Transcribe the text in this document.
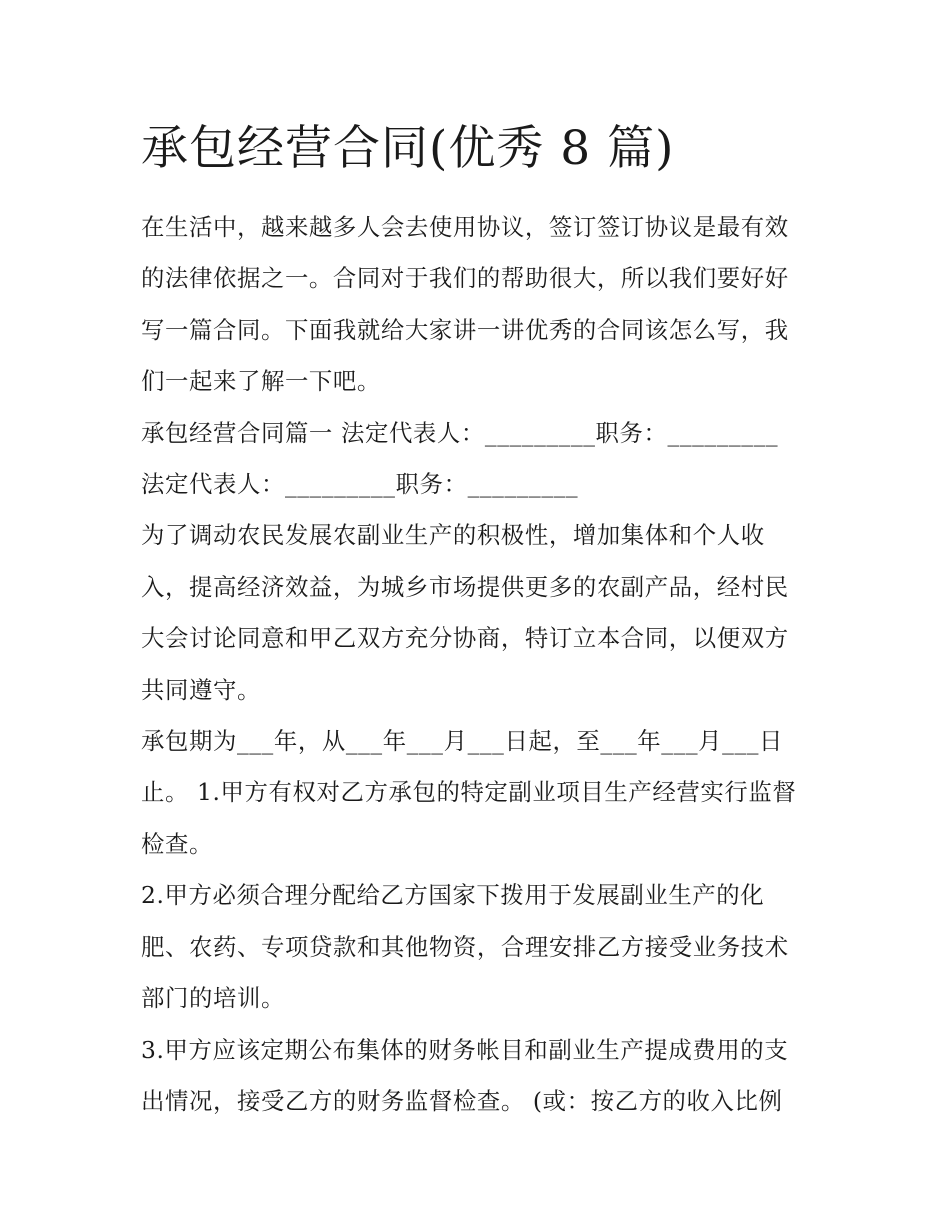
承包经营合同(优秀 8 篇)
在生活中，越来越多人会去使用协议，签订签订协议是最有效
的法律依据之一。合同对于我们的帮助很大，所以我们要好好
写一篇合同。下面我就给大家讲一讲优秀的合同该怎么写，我
们一起来了解一下吧。
承包经营合同篇一 法定代表人：_________职务：_________
法定代表人：_________职务：_________
为了调动农民发展农副业生产的积极性，增加集体和个人收
入，提高经济效益，为城乡市场提供更多的农副产品，经村民
大会讨论同意和甲乙双方充分协商，特订立本合同，以便双方
共同遵守。
承包期为___年，从___年___月___日起，至___年___月___日
止。 1.甲方有权对乙方承包的特定副业项目生产经营实行监督
检查。
2.甲方必须合理分配给乙方国家下拨用于发展副业生产的化
肥、农药、专项贷款和其他物资，合理安排乙方接受业务技术
部门的培训。
3.甲方应该定期公布集体的财务帐目和副业生产提成费用的支
出情况，接受乙方的财务监督检查。 (或：按乙方的收入比例
